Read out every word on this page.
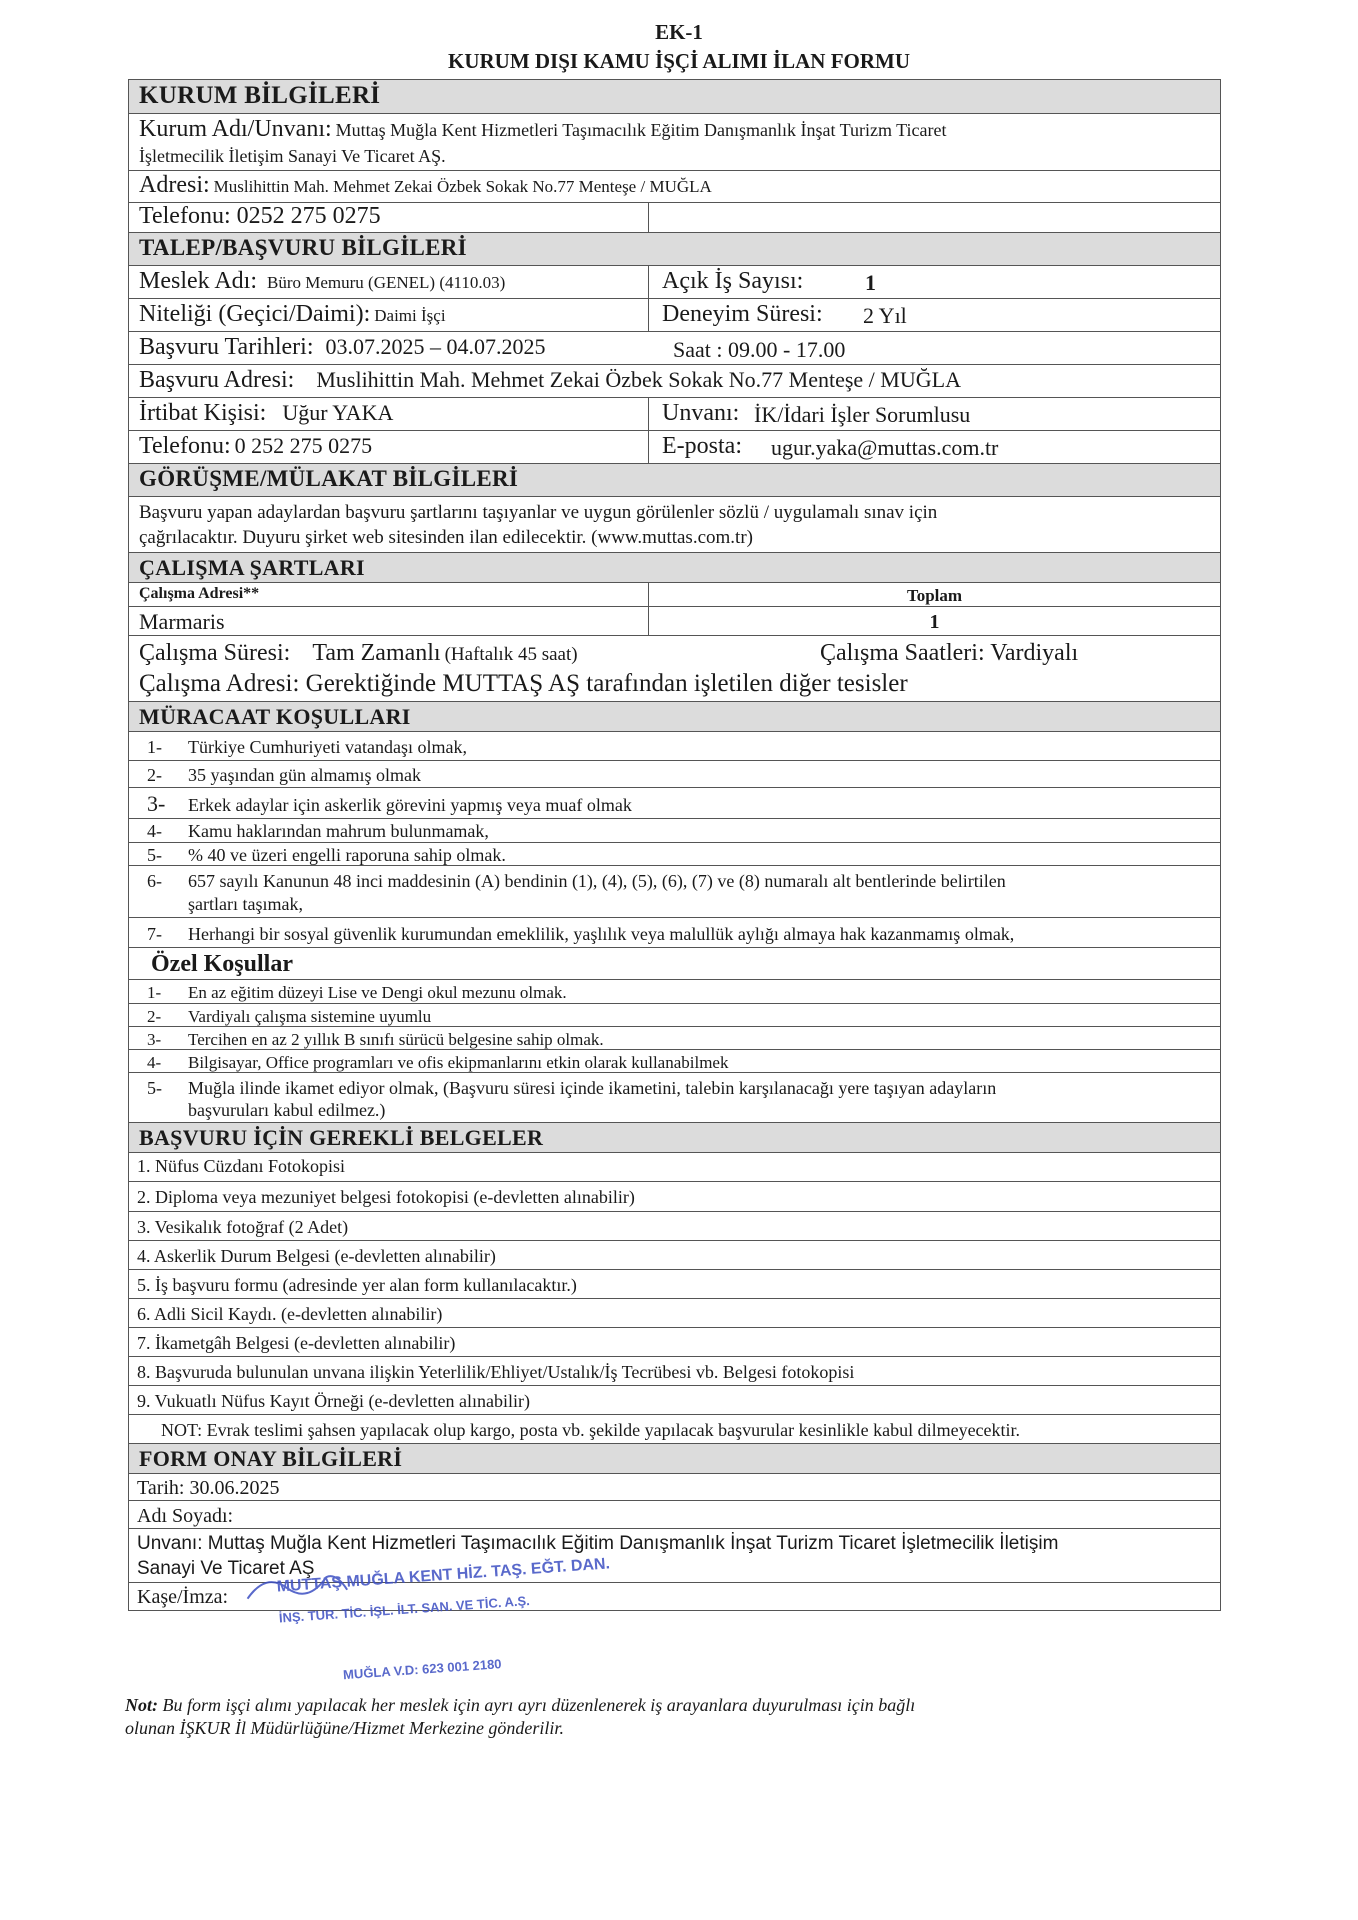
EK-1
KURUM DIŞI KAMU İŞÇİ ALIMI İLAN FORMU
KURUM BİLGİLERİ
Kurum Adı/Unvanı: Muttaş Muğla Kent Hizmetleri Taşımacılık Eğitim Danışmanlık İnşat Turizm Ticaret
İşletmecilik İletişim Sanayi Ve Ticaret AŞ.
Adresi: Muslihittin Mah. Mehmet Zekai Özbek Sokak No.77 Menteşe / MUĞLA
Telefonu: 0252 275 0275
TALEP/BAŞVURU BİLGİLERİ
Meslek Adı: Büro Memuru (GENEL) (4110.03)	Açık İş Sayısı:	1
Niteliği (Geçici/Daimi): Daimi İşçi	Deneyim Süresi: 2 Yıl
Başvuru Tarihleri: 03.07.2025 – 04.07.2025	Saat : 09.00 - 17.00
Başvuru Adresi: Muslihittin Mah. Mehmet Zekai Özbek Sokak No.77 Menteşe / MUĞLA
İrtibat Kişisi: Uğur YAKA	Unvanı: İK/İdari İşler Sorumlusu
Telefonu: 0 252 275 0275	E-posta: ugur.yaka@muttas.com.tr
GÖRÜŞME/MÜLAKAT BİLGİLERİ
Başvuru yapan adaylardan başvuru şartlarını taşıyanlar ve uygun görülenler sözlü / uygulamalı sınav için
çağrılacaktır. Duyuru şirket web sitesinden ilan edilecektir. (www.muttas.com.tr)
ÇALIŞMA ŞARTLARI
Çalışma Adresi**	Toplam
Marmaris	1
Çalışma Süresi: Tam Zamanlı (Haftalık 45 saat)	Çalışma Saatleri: Vardiyalı
Çalışma Adresi: Gerektiğinde MUTTAŞ AŞ tarafından işletilen diğer tesisler
MÜRACAAT KOŞULLARI
1- Türkiye Cumhuriyeti vatandaşı olmak,
2- 35 yaşından gün almamış olmak
3- Erkek adaylar için askerlik görevini yapmış veya muaf olmak
4- Kamu haklarından mahrum bulunmamak,
5- % 40 ve üzeri engelli raporuna sahip olmak.
6- 657 sayılı Kanunun 48 inci maddesinin (A) bendinin (1), (4), (5), (6), (7) ve (8) numaralı alt bentlerinde belirtilen
şartları taşımak,
7- Herhangi bir sosyal güvenlik kurumundan emeklilik, yaşlılık veya malullük aylığı almaya hak kazanmamış olmak,
Özel Koşullar
1- En az eğitim düzeyi Lise ve Dengi okul mezunu olmak.
2- Vardiyalı çalışma sistemine uyumlu
3- Tercihen en az 2 yıllık B sınıfı sürücü belgesine sahip olmak.
4- Bilgisayar, Office programları ve ofis ekipmanlarını etkin olarak kullanabilmek
5- Muğla ilinde ikamet ediyor olmak, (Başvuru süresi içinde ikametini, talebin karşılanacağı yere taşıyan adayların
başvuruları kabul edilmez.)
BAŞVURU İÇİN GEREKLİ BELGELER
1. Nüfus Cüzdanı Fotokopisi
2. Diploma veya mezuniyet belgesi fotokopisi (e-devletten alınabilir)
3. Vesikalık fotoğraf (2 Adet)
4. Askerlik Durum Belgesi (e-devletten alınabilir)
5. İş başvuru formu (adresinde yer alan form kullanılacaktır.)
6. Adli Sicil Kaydı. (e-devletten alınabilir)
7. İkametgâh Belgesi (e-devletten alınabilir)
8. Başvuruda bulunulan unvana ilişkin Yeterlilik/Ehliyet/Ustalık/İş Tecrübesi vb. Belgesi fotokopisi
9. Vukuatlı Nüfus Kayıt Örneği (e-devletten alınabilir)
NOT: Evrak teslimi şahsen yapılacak olup kargo, posta vb. şekilde yapılacak başvurular kesinlikle kabul dilmeyecektir.
FORM ONAY BİLGİLERİ
Tarih: 30.06.2025
Adı Soyadı:
Unvanı: Muttaş Muğla Kent Hizmetleri Taşımacılık Eğitim Danışmanlık İnşat Turizm Ticaret İşletmecilik İletişim
Sanayi Ve Ticaret AŞ
Kaşe/İmza:
MUTTAŞ MUĞLA KENT HİZ. TAŞ. EĞT. DAN.
İNŞ. TUR. TİC. İŞL. İLT. SAN. VE TİC. A.Ş.
MUĞLA V.D: 623 001 2180
Not: Bu form işçi alımı yapılacak her meslek için ayrı ayrı düzenlenerek iş arayanlara duyurulması için bağlı
olunan İŞKUR İl Müdürlüğüne/Hizmet Merkezine gönderilir.
